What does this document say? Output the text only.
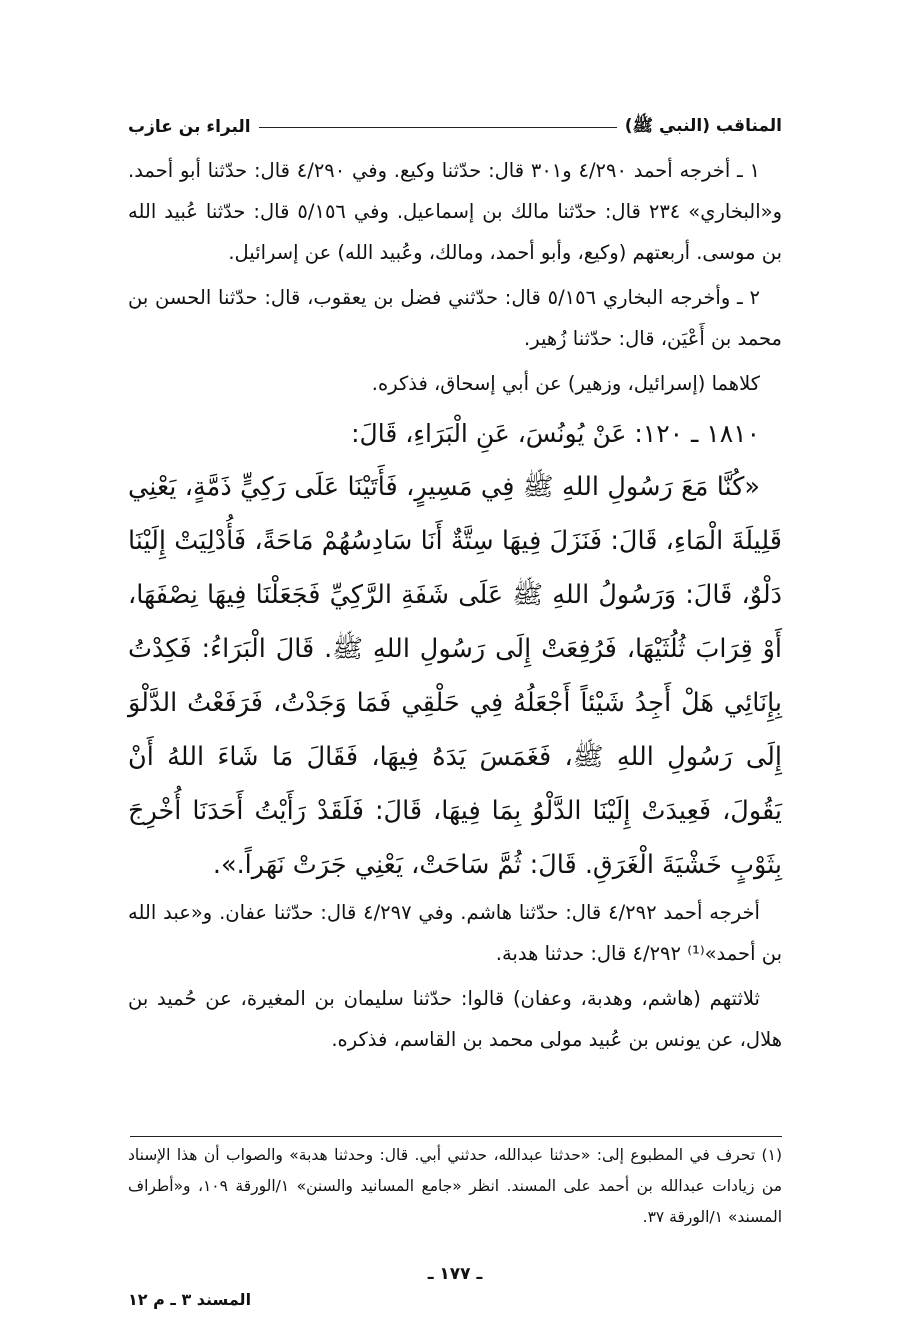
المناقب (النبي ﷺ)
البراء بن عازب

١ ـ أخرجه أحمد ٤/٢٩٠ و٣٠١ قال: حدّثنا وكيع. وفي ٤/٢٩٠ قال: حدّثنا أبو أحمد. و«البخاري» ٢٣٤ قال: حدّثنا مالك بن إسماعيل. وفي ٥/١٥٦ قال: حدّثنا عُبيد الله بن موسى. أربعتهم (وكيع، وأبو أحمد، ومالك، وعُبيد الله) عن إسرائيل.

٢ ـ وأخرجه البخاري ٥/١٥٦ قال: حدّثني فضل بن يعقوب، قال: حدّثنا الحسن بن محمد بن أَعْيَن، قال: حدّثنا زُهير.

كلاهما (إسرائيل، وزهير) عن أبي إسحاق، فذكره.

١٨١٠ ـ ١٢٠: عَنْ يُونُسَ، عَنِ الْبَرَاءِ، قَالَ:

«كُنَّا مَعَ رَسُولِ اللهِ ﷺ فِي مَسِيرٍ، فَأَتَيْنَا عَلَى رَكِيٍّ ذَمَّةٍ، يَعْنِي قَلِيلَةَ الْمَاءِ، قَالَ: فَنَزَلَ فِيهَا سِتَّةٌ أَنَا سَادِسُهُمْ مَاحَةً، فَأُدْلِيَتْ إِلَيْنَا دَلْوٌ، قَالَ: وَرَسُولُ اللهِ ﷺ عَلَى شَفَةِ الرَّكِيِّ فَجَعَلْنَا فِيهَا نِصْفَهَا، أَوْ قِرَابَ ثُلُثَيْهَا، فَرُفِعَتْ إِلَى رَسُولِ اللهِ ﷺ. قَالَ الْبَرَاءُ: فَكِدْتُ بِإِنَائِي هَلْ أَجِدُ شَيْئاً أَجْعَلُهُ فِي حَلْقِي فَمَا وَجَدْتُ، فَرَفَعْتُ الدَّلْوَ إِلَى رَسُولِ اللهِ ﷺ، فَغَمَسَ يَدَهُ فِيهَا، فَقَالَ مَا شَاءَ اللهُ أَنْ يَقُولَ، فَعِيدَتْ إِلَيْنَا الدَّلْوُ بِمَا فِيهَا، قَالَ: فَلَقَدْ رَأَيْتُ أَحَدَنَا أُخْرِجَ بِثَوْبٍ خَشْيَةَ الْغَرَقِ. قَالَ: ثُمَّ سَاحَتْ، يَعْنِي جَرَتْ نَهَراً.».

أخرجه أحمد ٤/٢٩٢ قال: حدّثنا هاشم. وفي ٤/٢٩٧ قال: حدّثنا عفان. و«عبد الله بن أحمد»⁽¹⁾ ٤/٢٩٢ قال: حدثنا هدبة.

ثلاثتهم (هاشم، وهدبة، وعفان) قالوا: حدّثنا سليمان بن المغيرة، عن حُميد بن هلال، عن يونس بن عُبيد مولى محمد بن القاسم، فذكره.

(١) تحرف في المطبوع إلى: «حدثنا عبدالله، حدثني أبي. قال: وحدثنا هدبة» والصواب أن هذا الإسناد من زيادات عبدالله بن أحمد على المسند. انظر «جامع المسانيد والسنن» ١/الورقة ١٠٩، و«أطراف المسند» ١/الورقة ٣٧.
ـ ١٧٧ ـ
المسند ٣ ـ م ١٢
